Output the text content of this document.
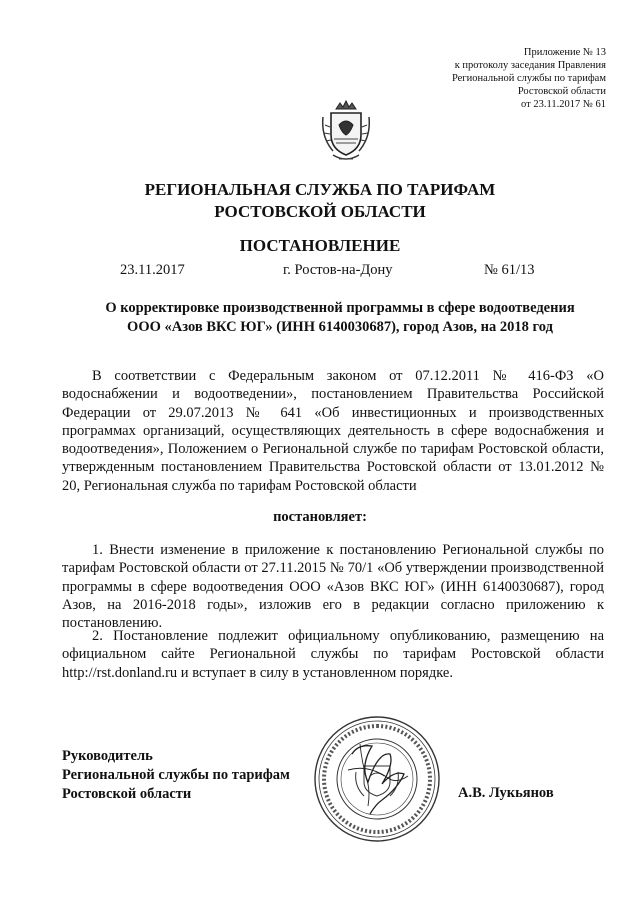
Приложение № 13
к протоколу заседания Правления
Региональной службы по тарифам
Ростовской области
от 23.11.2017 № 61
РЕГИОНАЛЬНАЯ СЛУЖБА ПО ТАРИФАМ
РОСТОВСКОЙ ОБЛАСТИ
ПОСТАНОВЛЕНИЕ
23.11.2017	г. Ростов-на-Дону	№ 61/13
О корректировке производственной программы в сфере водоотведения
ООО «Азов ВКС ЮГ» (ИНН 6140030687), город Азов, на 2018 год
В соответствии с Федеральным законом от 07.12.2011 № 416-ФЗ «О водоснабжении и водоотведении», постановлением Правительства Российской Федерации от 29.07.2013 № 641 «Об инвестиционных и производственных программах организаций, осуществляющих деятельность в сфере водоснабжения и водоотведения», Положением о Региональной службе по тарифам Ростовской области, утвержденным постановлением Правительства Ростовской области от 13.01.2012 № 20, Региональная служба по тарифам Ростовской области
постановляет:
1. Внести изменение в приложение к постановлению Региональной службы по тарифам Ростовской области от 27.11.2015 № 70/1 «Об утверждении производственной программы в сфере водоотведения ООО «Азов ВКС ЮГ» (ИНН 6140030687), город Азов, на 2016-2018 годы», изложив его в редакции согласно приложению к постановлению.
2. Постановление подлежит официальному опубликованию, размещению на официальном сайте Региональной службы по тарифам Ростовской области http://rst.donland.ru и вступает в силу в установленном порядке.
Руководитель
Региональной службы по тарифам
Ростовской области	А.В. Лукьянов
